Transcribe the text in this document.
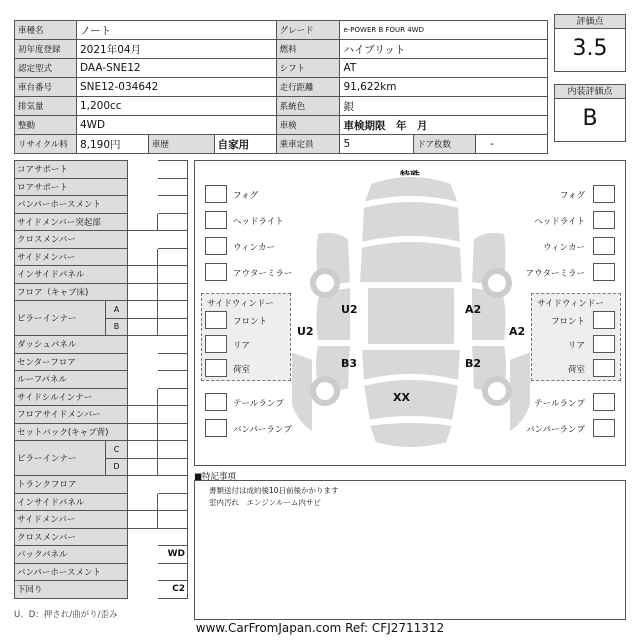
車種名	ノート			グレード	e-POWER B FOUR 4WD		
初年度登録	2021年04月			燃料	ハイブリット		
認定型式	DAA-SNE12			シフト	AT		
車台番号	SNE12-034642			走行距離	91,622km		
排気量	1,200cc			系統色	銀		
整動	4WD			車検	車検期限　年　月		
リサイクル料	8,190円	車歴	自家用	乗車定員	5	ドア枚数	-
評価点
3.5
内装評価点
B
コアサポート			
ロアサポート			
バンパーホースメント			
サイドメンバー突起部			
クロスメンバー			
サイドメンバー			
インサイドパネル			
フロア（キャブ床)			
ピラーインナー	A		
	B		
ダッシュパネル			
センターフロア			
ルーフパネル			
サイドシルインナー			
フロアサイドメンバー			
セットバック(キャブ背)			
ピラーインナー	C		
	D		
トランクフロア			
インサイドパネル			
サイドメンバー			
クロスメンバー			
バックパネル			WD
バンパーホースメント			
下回り			C2
U、D：押され/曲がり/歪み
サイドウィンドー	サイドウィンドー
U2
U2
B3
XX
A2
A2
B2
フォグ
ヘッドライト
ウィンカー
アウターミラー
フォグ
ヘッドライト
ウィンカー
アウターミラー
フロント	フロント
リア	リア
荷室	荷室
テールランプ	テールランプ
バンパーランプ	バンパーランプ
■特記事項
書類送付は成約後10日前後かかります
室内汚れ　エンジンルーム内サビ
www.CarFromJapan.com Ref: CFJ2711312
